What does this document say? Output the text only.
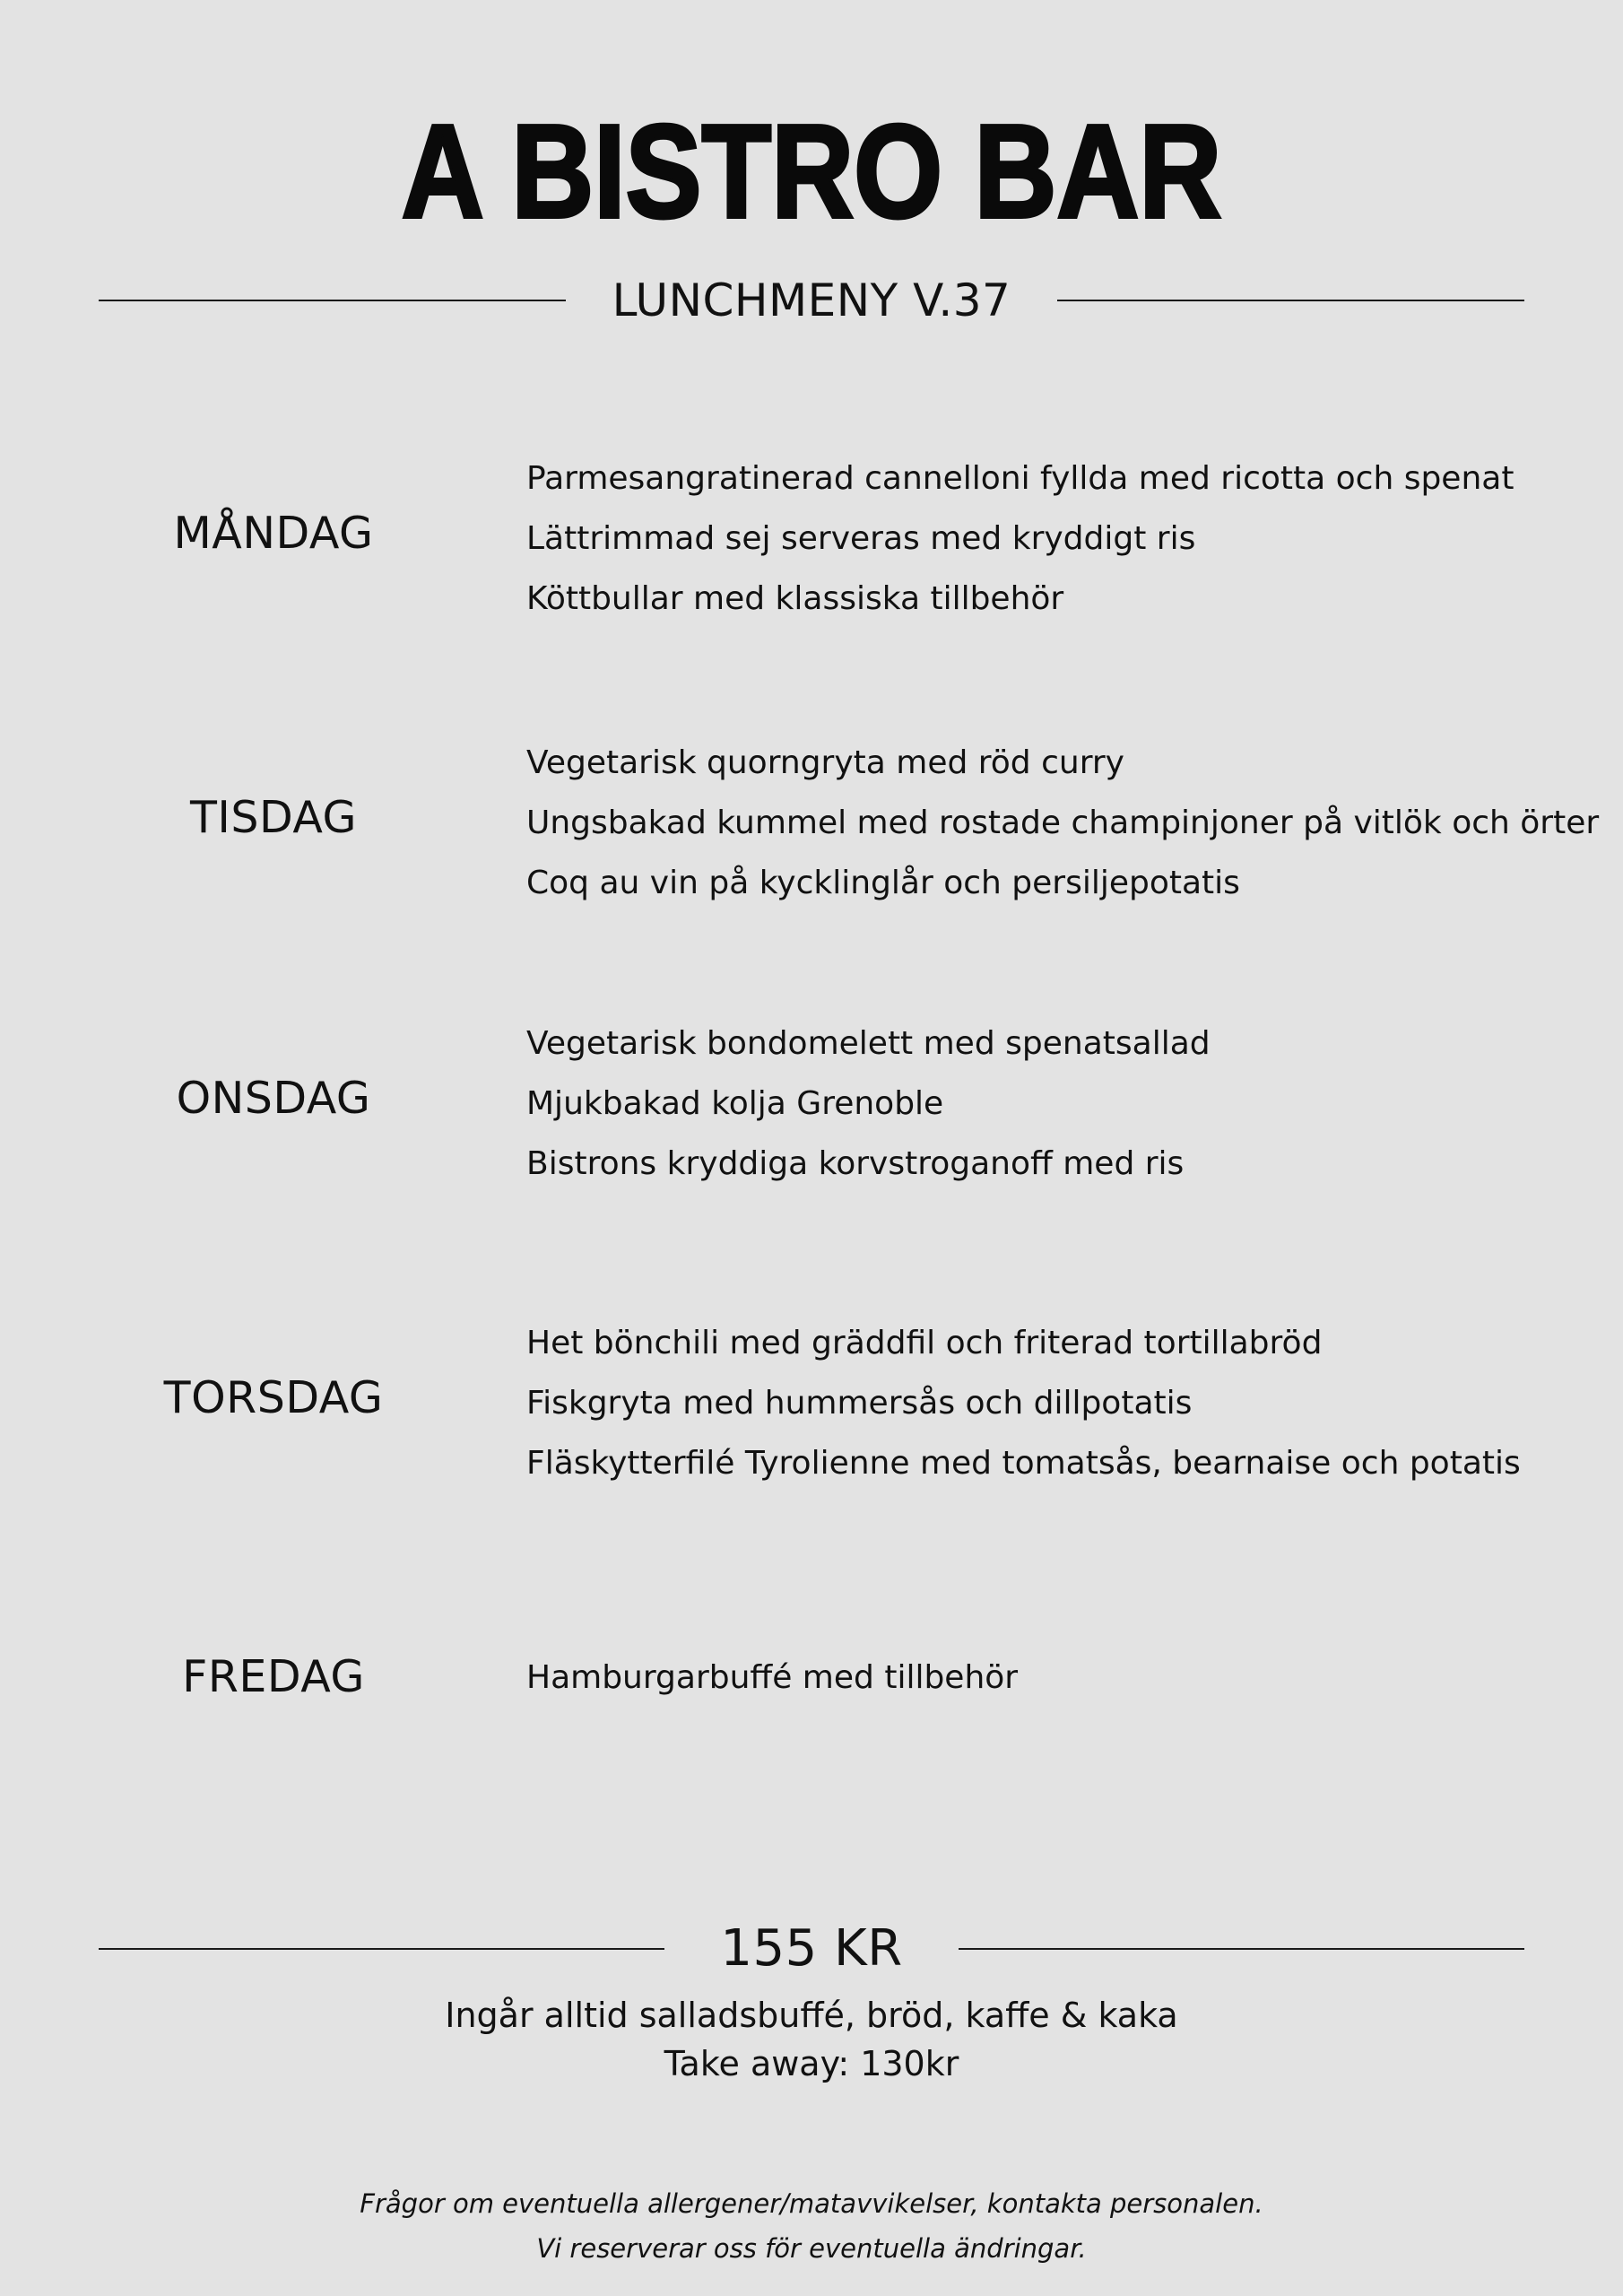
A BISTRO BAR
LUNCHMENY V.37
MÅNDAG
Parmesangratinerad cannelloni fyllda med ricotta och spenat
Lättrimmad sej serveras med kryddigt ris
Köttbullar med klassiska tillbehör
TISDAG
Vegetarisk quorngryta med röd curry
Ungsbakad kummel med rostade champinjoner på vitlök och örter
Coq au vin på kycklinglår och persiljepotatis
ONSDAG
Vegetarisk bondomelett med spenatsallad
Mjukbakad kolja Grenoble
Bistrons kryddiga korvstroganoff med ris
TORSDAG
Het bönchili med gräddfil och friterad tortillabröd
Fiskgryta med hummersås och dillpotatis
Fläskytterfilé Tyrolienne med tomatsås, bearnaise och potatis
FREDAG	Hamburgarbuffé med tillbehör
155 KR
Ingår alltid salladsbuffé, bröd, kaffe & kaka
Take away: 130kr
Frågor om eventuella allergener/matavvikelser, kontakta personalen.
Vi reserverar oss för eventuella ändringar.
